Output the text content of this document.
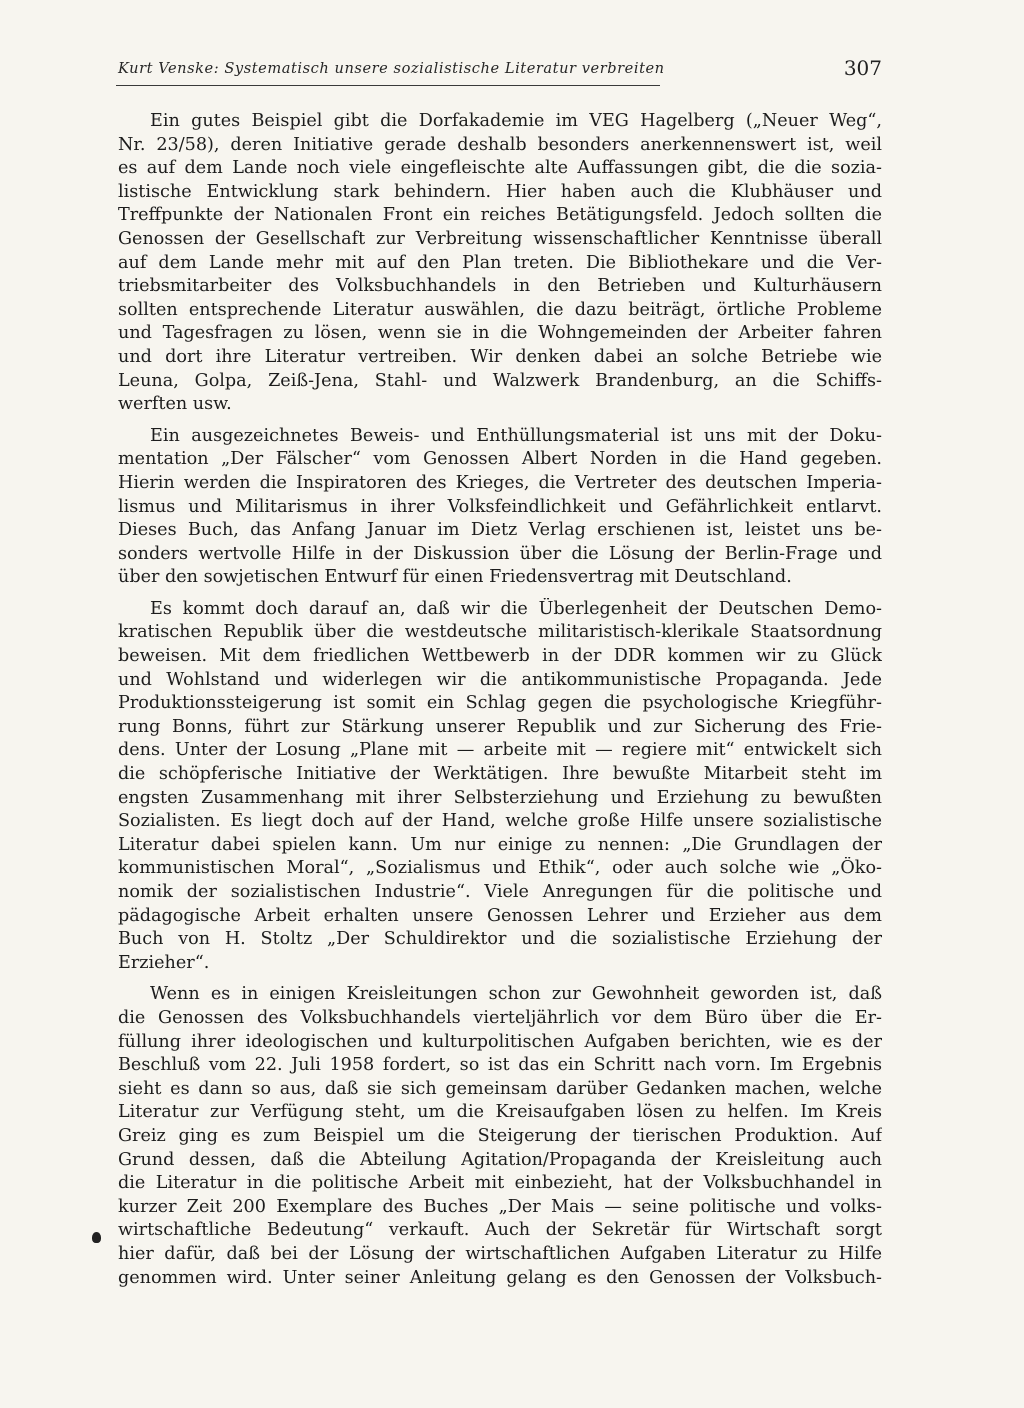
Kurt Venske: Systematisch unsere sozialistische Literatur verbreiten	307
Ein gutes Beispiel gibt die Dorfakademie im VEG Hagelberg („Neuer Weg“,
Nr. 23/58), deren Initiative gerade deshalb besonders anerkennenswert ist, weil
es auf dem Lande noch viele eingefleischte alte Auffassungen gibt, die die sozia-
listische Entwicklung stark behindern. Hier haben auch die Klubhäuser und
Treffpunkte der Nationalen Front ein reiches Betätigungsfeld. Jedoch sollten die
Genossen der Gesellschaft zur Verbreitung wissenschaftlicher Kenntnisse überall
auf dem Lande mehr mit auf den Plan treten. Die Bibliothekare und die Ver-
triebsmitarbeiter des Volksbuchhandels in den Betrieben und Kulturhäusern
sollten entsprechende Literatur auswählen, die dazu beiträgt, örtliche Probleme
und Tagesfragen zu lösen, wenn sie in die Wohngemeinden der Arbeiter fahren
und dort ihre Literatur vertreiben. Wir denken dabei an solche Betriebe wie
Leuna, Golpa, Zeiß-Jena, Stahl- und Walzwerk Brandenburg, an die Schiffs-
werften usw.
Ein ausgezeichnetes Beweis- und Enthüllungsmaterial ist uns mit der Doku-
mentation „Der Fälscher“ vom Genossen Albert Norden in die Hand gegeben.
Hierin werden die Inspiratoren des Krieges, die Vertreter des deutschen Imperia-
lismus und Militarismus in ihrer Volksfeindlichkeit und Gefährlichkeit entlarvt.
Dieses Buch, das Anfang Januar im Dietz Verlag erschienen ist, leistet uns be-
sonders wertvolle Hilfe in der Diskussion über die Lösung der Berlin-Frage und
über den sowjetischen Entwurf für einen Friedensvertrag mit Deutschland.
Es kommt doch darauf an, daß wir die Überlegenheit der Deutschen Demo-
kratischen Republik über die westdeutsche militaristisch-klerikale Staatsordnung
beweisen. Mit dem friedlichen Wettbewerb in der DDR kommen wir zu Glück
und Wohlstand und widerlegen wir die antikommunistische Propaganda. Jede
Produktionssteigerung ist somit ein Schlag gegen die psychologische Kriegführ-
rung Bonns, führt zur Stärkung unserer Republik und zur Sicherung des Frie-
dens. Unter der Losung „Plane mit — arbeite mit — regiere mit“ entwickelt sich
die schöpferische Initiative der Werktätigen. Ihre bewußte Mitarbeit steht im
engsten Zusammenhang mit ihrer Selbsterziehung und Erziehung zu bewußten
Sozialisten. Es liegt doch auf der Hand, welche große Hilfe unsere sozialistische
Literatur dabei spielen kann. Um nur einige zu nennen: „Die Grundlagen der
kommunistischen Moral“, „Sozialismus und Ethik“, oder auch solche wie „Öko-
nomik der sozialistischen Industrie“. Viele Anregungen für die politische und
pädagogische Arbeit erhalten unsere Genossen Lehrer und Erzieher aus dem
Buch von H. Stoltz „Der Schuldirektor und die sozialistische Erziehung der
Erzieher“.
Wenn es in einigen Kreisleitungen schon zur Gewohnheit geworden ist, daß
die Genossen des Volksbuchhandels vierteljährlich vor dem Büro über die Er-
füllung ihrer ideologischen und kulturpolitischen Aufgaben berichten, wie es der
Beschluß vom 22. Juli 1958 fordert, so ist das ein Schritt nach vorn. Im Ergebnis
sieht es dann so aus, daß sie sich gemeinsam darüber Gedanken machen, welche
Literatur zur Verfügung steht, um die Kreisaufgaben lösen zu helfen. Im Kreis
Greiz ging es zum Beispiel um die Steigerung der tierischen Produktion. Auf
Grund dessen, daß die Abteilung Agitation/Propaganda der Kreisleitung auch
die Literatur in die politische Arbeit mit einbezieht, hat der Volksbuchhandel in
kurzer Zeit 200 Exemplare des Buches „Der Mais — seine politische und volks-
wirtschaftliche Bedeutung“ verkauft. Auch der Sekretär für Wirtschaft sorgt
hier dafür, daß bei der Lösung der wirtschaftlichen Aufgaben Literatur zu Hilfe
genommen wird. Unter seiner Anleitung gelang es den Genossen der Volksbuch-
